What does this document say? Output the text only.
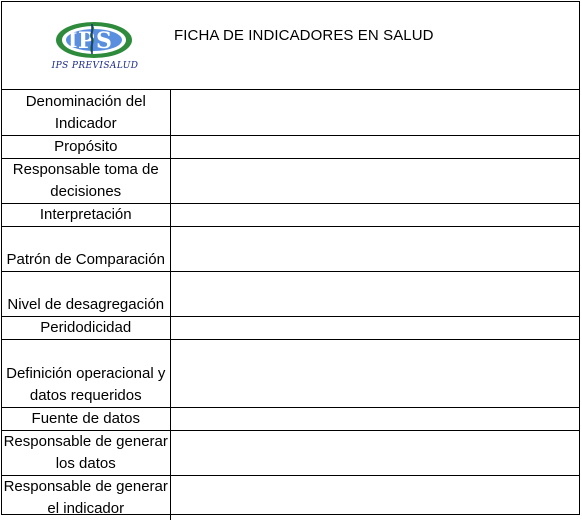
I P S
IPS PREVISALUD
FICHA DE INDICADORES EN SALUD
Denominación del Indicador	
Propósito	
Responsable toma de decisiones	
Interpretación	
Patrón de Comparación	
Nivel de desagregación	
Peridodicidad	
Definición operacional y datos requeridos	
Fuente de datos	
Responsable de generar los datos	
Responsable de generar el indicador	
